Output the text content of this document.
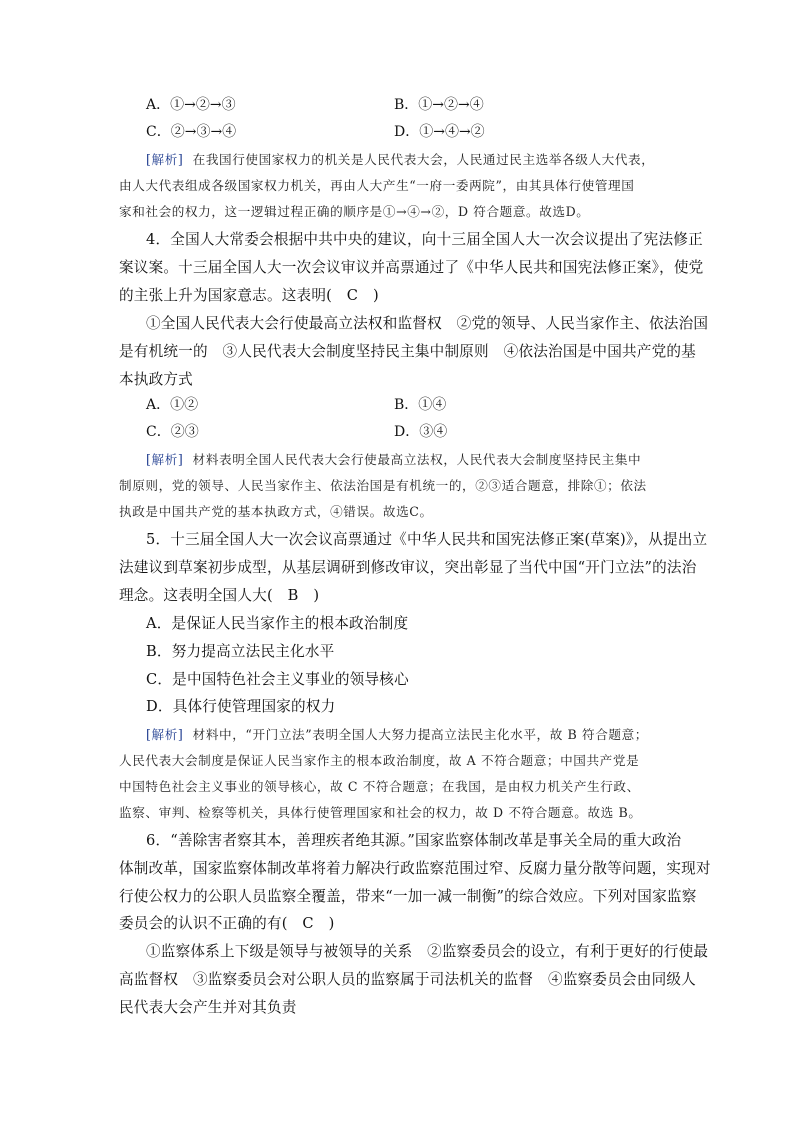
A．①→②→③	B．①→②→④
C．②→③→④	D．①→④→②
[解析] 在我国行使国家权力的机关是人民代表大会，人民通过民主选举各级人大代表，
由人大代表组成各级国家权力机关，再由人大产生“一府一委两院”，由其具体行使管理国
家和社会的权力，这一逻辑过程正确的顺序是①→④→②，D 符合题意。故选D。
4．全国人大常委会根据中共中央的建议，向十三届全国人大一次会议提出了宪法修正
案议案。十三届全国人大一次会议审议并高票通过了《中华人民共和国宪法修正案》，使党
的主张上升为国家意志。这表明(　C　)
①全国人民代表大会行使最高立法权和监督权　②党的领导、人民当家作主、依法治国
是有机统一的　③人民代表大会制度坚持民主集中制原则　④依法治国是中国共产党的基
本执政方式
A．①②	B．①④
C．②③	D．③④
[解析] 材料表明全国人民代表大会行使最高立法权，人民代表大会制度坚持民主集中
制原则，党的领导、人民当家作主、依法治国是有机统一的，②③适合题意，排除①；依法
执政是中国共产党的基本执政方式，④错误。故选C。
5．十三届全国人大一次会议高票通过《中华人民共和国宪法修正案(草案)》，从提出立
法建议到草案初步成型，从基层调研到修改审议，突出彰显了当代中国“开门立法”的法治
理念。这表明全国人大(　B　)
A．是保证人民当家作主的根本政治制度
B．努力提高立法民主化水平
C．是中国特色社会主义事业的领导核心
D．具体行使管理国家的权力
[解析] 材料中，“开门立法”表明全国人大努力提高立法民主化水平，故 B 符合题意；
人民代表大会制度是保证人民当家作主的根本政治制度，故 A 不符合题意；中国共产党是
中国特色社会主义事业的领导核心，故 C 不符合题意；在我国，是由权力机关产生行政、
监察、审判、检察等机关，具体行使管理国家和社会的权力，故 D 不符合题意。故选 B。
6．“善除害者察其本，善理疾者绝其源。”国家监察体制改革是事关全局的重大政治
体制改革，国家监察体制改革将着力解决行政监察范围过窄、反腐力量分散等问题，实现对
行使公权力的公职人员监察全覆盖，带来“一加一减一制衡”的综合效应。下列对国家监察
委员会的认识不正确的有(　C　)
①监察体系上下级是领导与被领导的关系　②监察委员会的设立，有利于更好的行使最
高监督权　③监察委员会对公职人员的监察属于司法机关的监督　④监察委员会由同级人
民代表大会产生并对其负责
